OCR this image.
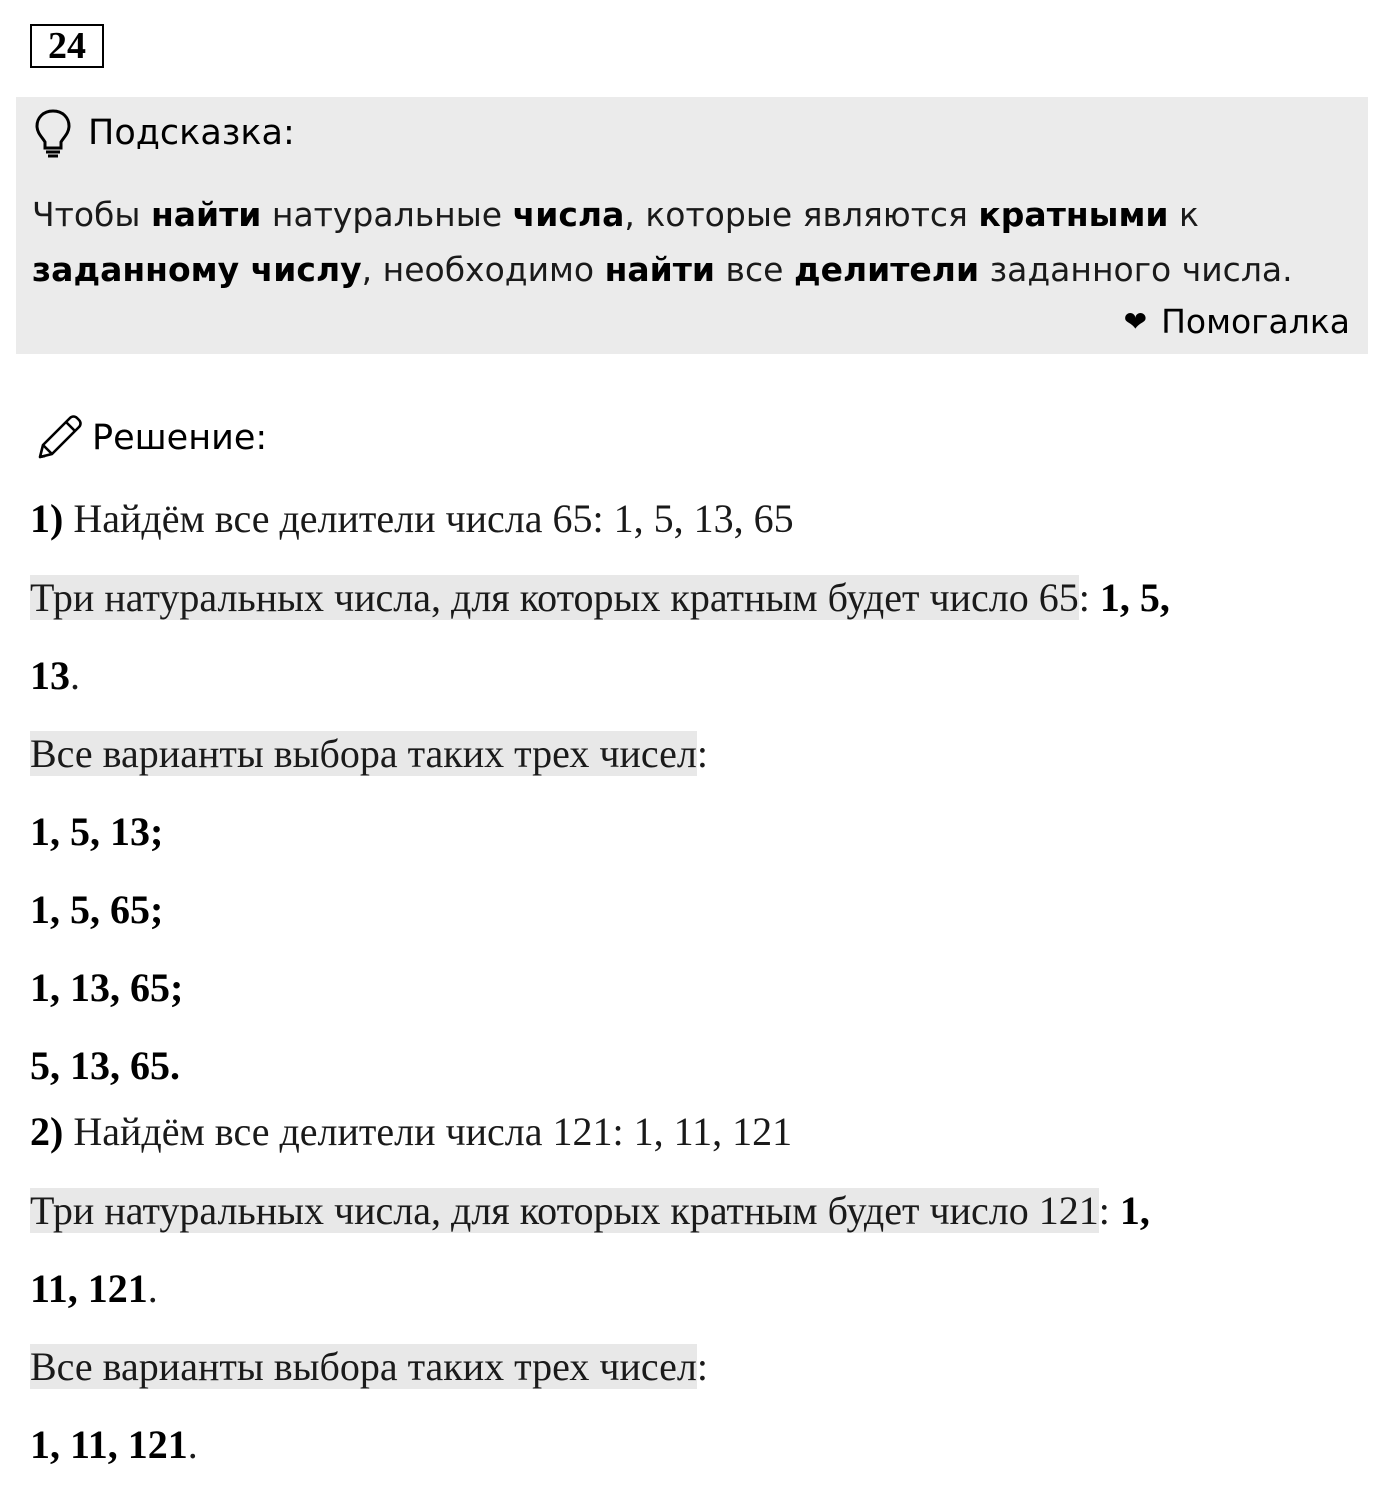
24
Подсказка:
Чтобы найти натуральные числа, которые являются кратными к
заданному числу, необходимо найти все делители заданного числа.
❤ Помогалка
Решение:
1) Найдём все делители числа 65: 1, 5, 13, 65
Три натуральных числа, для которых кратным будет число 65: 1, 5,
13.
Все варианты выбора таких трех чисел:
1, 5, 13;
1, 5, 65;
1, 13, 65;
5, 13, 65.
2) Найдём все делители числа 121: 1, 11, 121
Три натуральных числа, для которых кратным будет число 121: 1,
11, 121.
Все варианты выбора таких трех чисел:
1, 11, 121.
